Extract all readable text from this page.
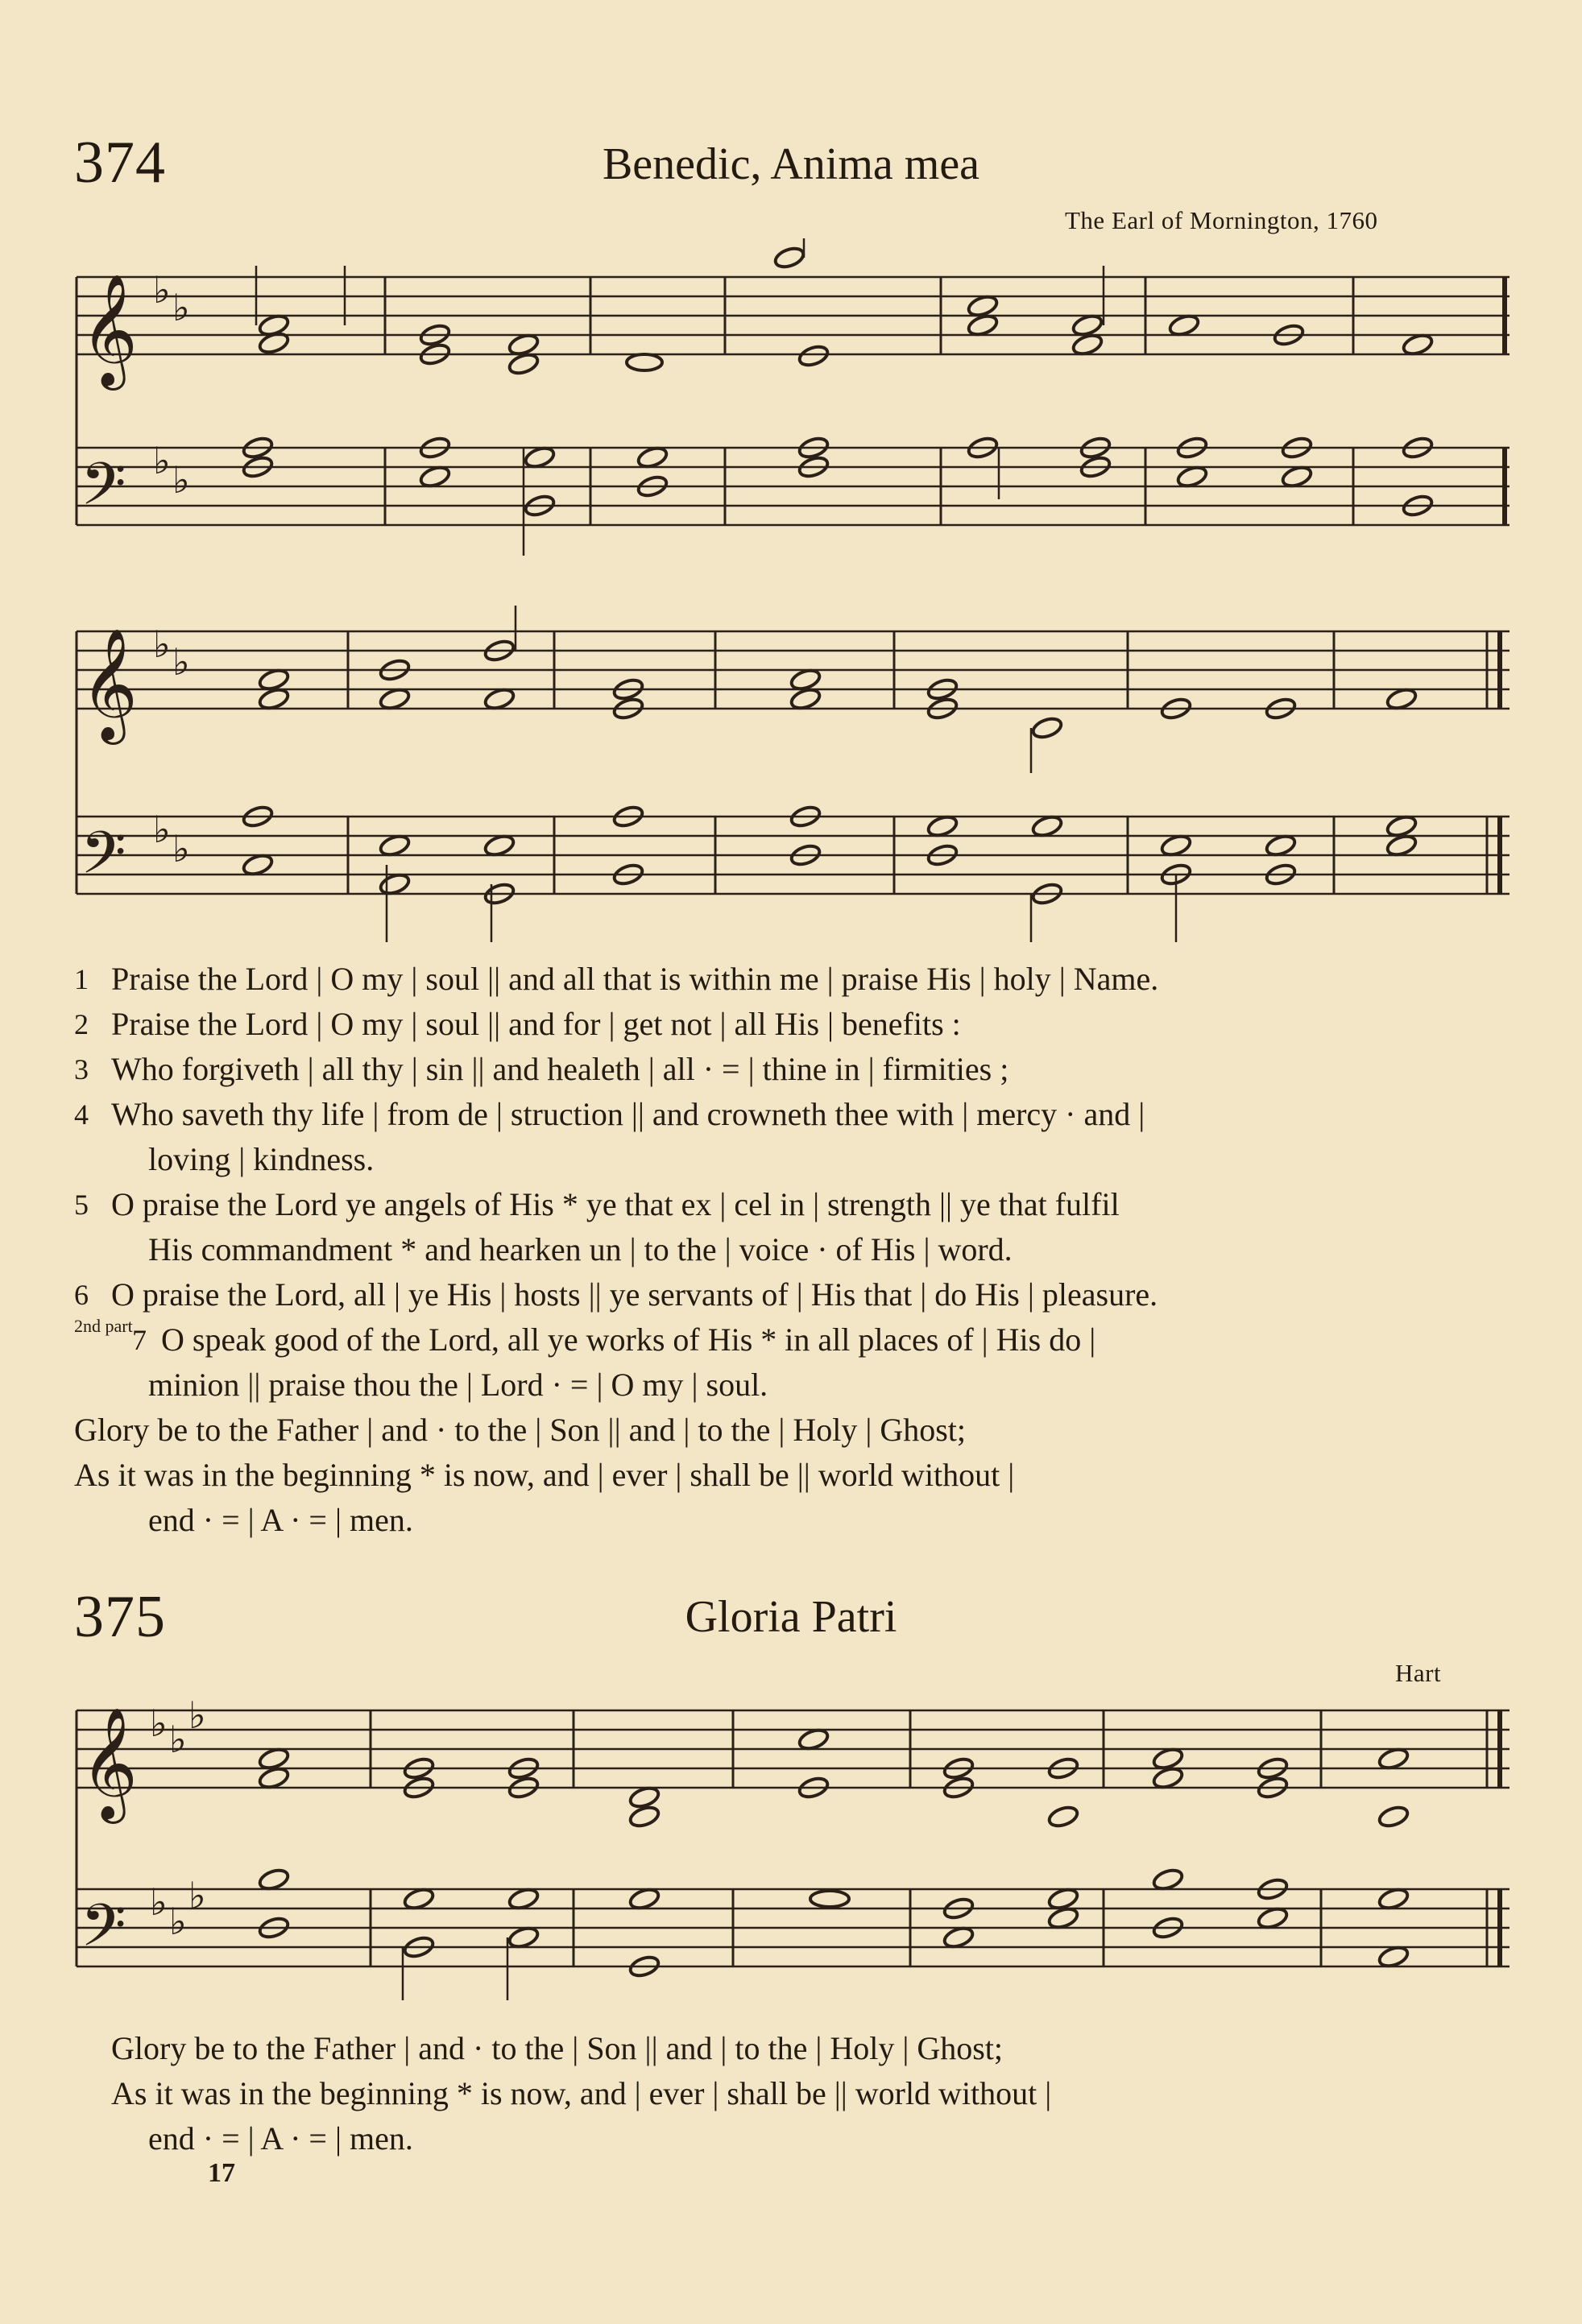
374	Benedic, Anima mea
The Earl of Mornington, 1760
𝄞
𝄢
𝄞
𝄢
𝄞
𝄢
♭ ♭
♭ ♭
♭ ♭
♭ ♭
♭ ♭
♭
♭ ♭
♭
1 Praise the Lord | O my | soul || and all that is within me | praise His | holy | Name.
2 Praise the Lord | O my | soul || and for | get not | all His | benefits :
3 Who forgiveth | all thy | sin || and healeth | all · = | thine in | firmities ;
4 Who saveth thy life | from de | struction || and crowneth thee with | mercy · and |
loving | kindness.
5 O praise the Lord ye angels of His * ye that ex | cel in | strength || ye that fulfil
His commandment * and hearken un | to the | voice · of His | word.
6 O praise the Lord, all | ye His | hosts || ye servants of | His that | do His | pleasure.
2nd part 7 O speak good of the Lord, all ye works of His * in all places of | His do |
minion || praise thou the | Lord · = | O my | soul.
Glory be to the Father | and · to the | Son || and | to the | Holy | Ghost;
As it was in the beginning * is now, and | ever | shall be || world without |
end · = | A · = | men.
375	Gloria Patri
Hart
Glory be to the Father | and · to the | Son || and | to the | Holy | Ghost;
As it was in the beginning * is now, and | ever | shall be || world without |
end · = | A · = | men.
17
